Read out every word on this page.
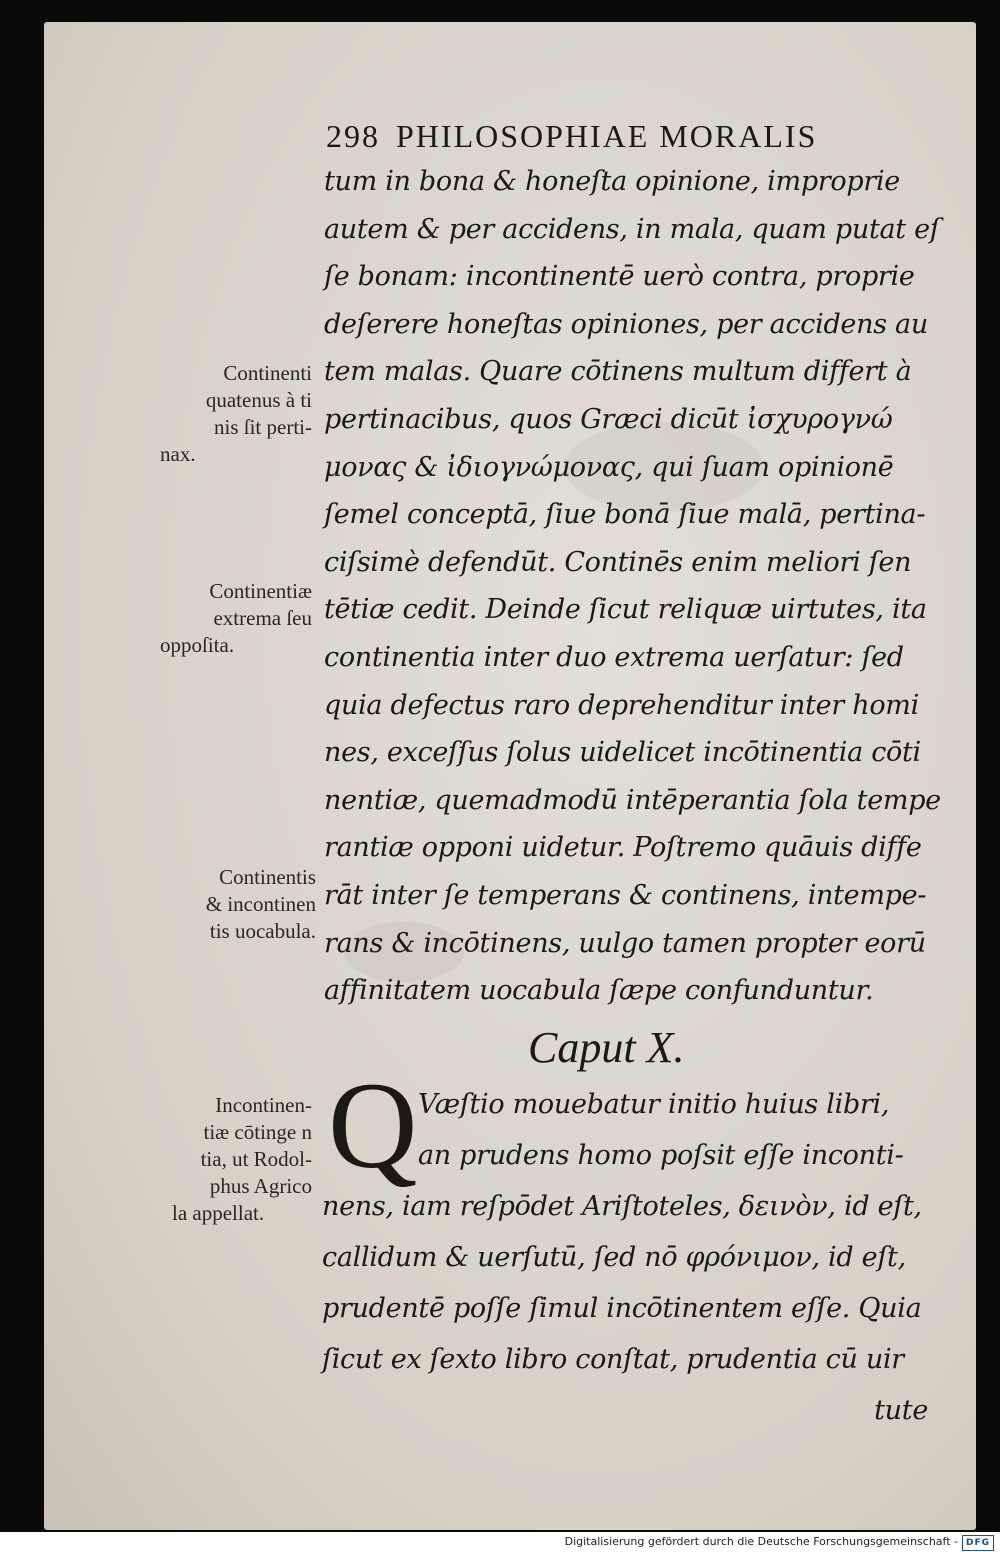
298 PHILOSOPHIAE MORALIS
tum in bona & honeſta opinione, improprie
autem & per accidens, in mala, quam putat eſ
ſe bonam: incontinentē uerò contra, proprie
deſerere honeſtas opiniones, per accidens au
tem malas. Quare cōtinens multum differt à
pertinacibus, quos Græci dicūt ἰσχυρογνώ
μονας & ἰδιογνώμονας, qui ſuam opinionē
ſemel conceptā, ſiue bonā ſiue malā, pertina-
ciſsimè defendūt. Continēs enim meliori ſen
tētiæ cedit. Deinde ſicut reliquæ uirtutes, ita
continentia inter duo extrema uerſatur: ſed
quia defectus raro deprehenditur inter homi
nes, exceſſus ſolus uidelicet incōtinentia cōti
nentiæ, quemadmodū intēperantia ſola tempe
rantiæ opponi uidetur. Poſtremo quāuis diffe
rāt inter ſe temperans & continens, intempe-
rans & incōtinens, uulgo tamen propter eorū
affinitatem uocabula ſæpe confunduntur.
Caput X.
Q Væſtio mouebatur initio huius libri,
an prudens homo poſsit eſſe inconti-
nens, iam reſpōdet Ariſtoteles, δεινὸν, id eſt,
callidum & uerſutū, ſed nō φρόνιμον, id eſt,
prudentē poſſe ſimul incōtinentem eſſe. Quia
ſicut ex ſexto libro conſtat, prudentia cū uir
tute
Continenti
quatenus à ti
nis ſit perti-
nax.
Continentiæ
extrema ſeu
oppoſita.
Continentis
& incontinen
tis uocabula.
Incontinen-
tiæ cōtinge n
tia, ut Rodol-
phus Agrico
la appellat.
Digitalisierung gefördert durch die Deutsche Forschungsgemeinschaft - DFG
